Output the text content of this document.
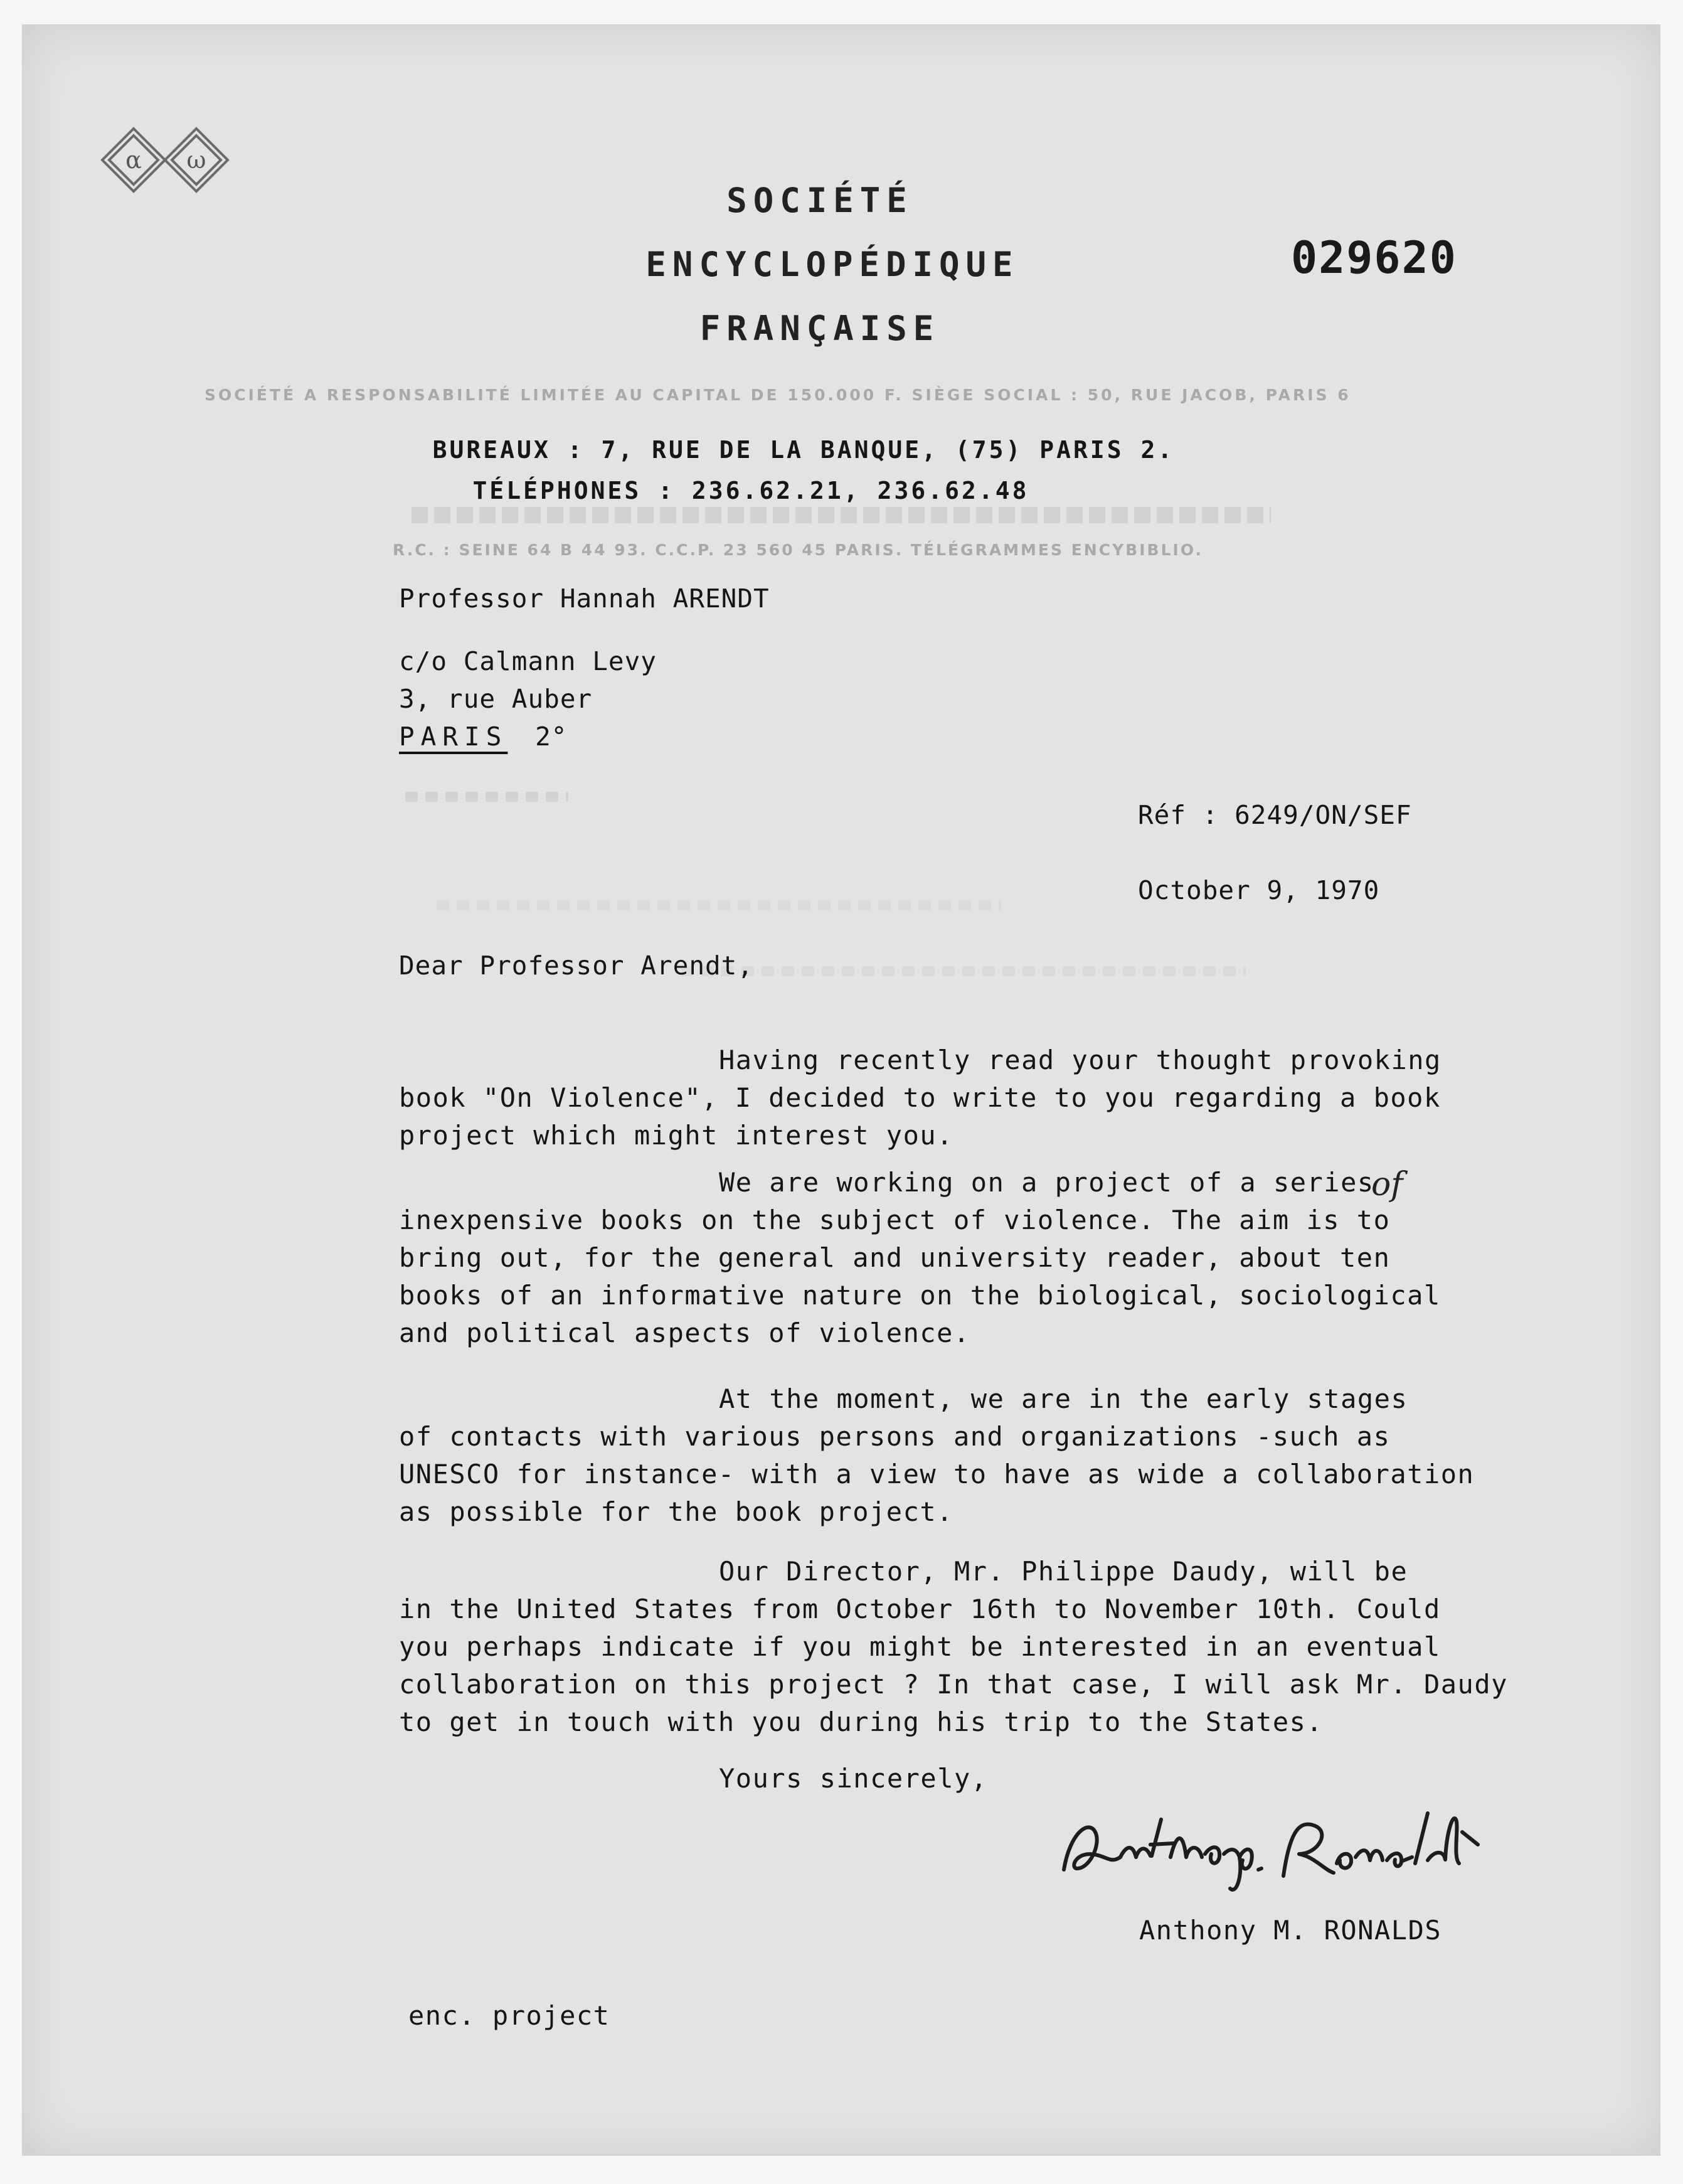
α ω
SOCIÉTÉ
ENCYCLOPÉDIQUE
FRANÇAISE
029620
SOCIÉTÉ A RESPONSABILITÉ LIMITÉE AU CAPITAL DE 150.000 F. SIÈGE SOCIAL : 50, RUE JACOB, PARIS 6
BUREAUX : 7, RUE DE LA BANQUE, (75) PARIS 2.
TÉLÉPHONES : 236.62.21, 236.62.48
R.C. : SEINE 64 B 44 93. C.C.P. 23 560 45 PARIS. TÉLÉGRAMMES ENCYBIBLIO.
Professor Hannah ARENDT
c/o Calmann Levy
3, rue Auber
PARIS 2°
Réf : 6249/ON/SEF
October 9, 1970
Dear Professor Arendt,
Having recently read your thought provoking
book "On Violence", I decided to write to you regarding a book
project which might interest you.
We are working on a project of a series
of
inexpensive books on the subject of violence. The aim is to
bring out, for the general and university reader, about ten
books of an informative nature on the biological, sociological
and political aspects of violence.
At the moment, we are in the early stages
of contacts with various persons and organizations -such as
UNESCO for instance- with a view to have as wide a collaboration
as possible for the book project.
Our Director, Mr. Philippe Daudy, will be
in the United States from October 16th to November 10th. Could
you perhaps indicate if you might be interested in an eventual
collaboration on this project ? In that case, I will ask Mr. Daudy
to get in touch with you during his trip to the States.
Yours sincerely,
Anthony M. RONALDS
enc. project
